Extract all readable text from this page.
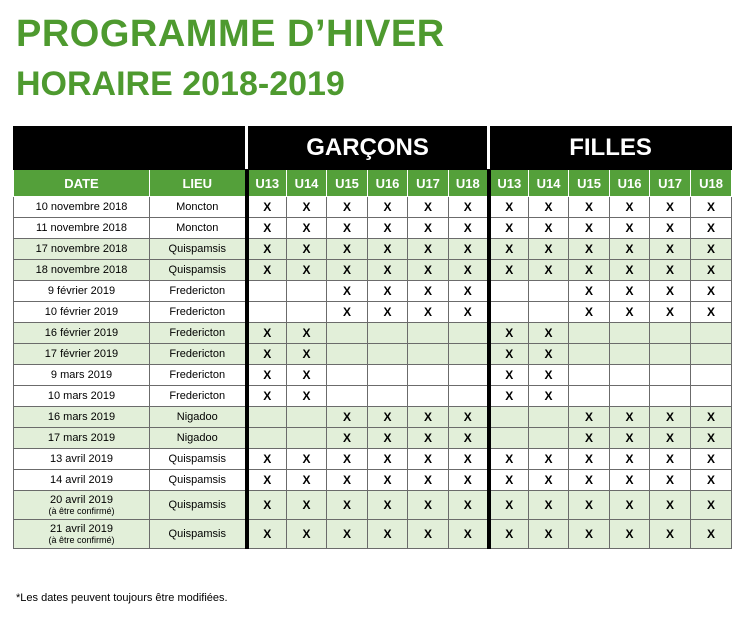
PROGRAMME D’HIVER
HORAIRE 2018-2019
		GARÇONS						FILLES					
DATE	LIEU	U13	U14	U15	U16	U17	U18	U13	U14	U15	U16	U17	U18
10 novembre 2018	Moncton	X	X	X	X	X	X	X	X	X	X	X	X
11 novembre 2018	Moncton	X	X	X	X	X	X	X	X	X	X	X	X
17 novembre 2018	Quispamsis	X	X	X	X	X	X	X	X	X	X	X	X
18 novembre 2018	Quispamsis	X	X	X	X	X	X	X	X	X	X	X	X
9 février 2019	Fredericton			X	X	X	X			X	X	X	X
10 février 2019	Fredericton			X	X	X	X			X	X	X	X
16 février 2019	Fredericton	X	X					X	X				
17 février 2019	Fredericton	X	X					X	X				
9 mars 2019	Fredericton	X	X					X	X				
10 mars 2019	Fredericton	X	X					X	X				
16 mars 2019	Nigadoo			X	X	X	X			X	X	X	X
17 mars 2019	Nigadoo			X	X	X	X			X	X	X	X
13 avril 2019	Quispamsis	X	X	X	X	X	X	X	X	X	X	X	X
14 avril 2019	Quispamsis	X	X	X	X	X	X	X	X	X	X	X	X

20 avril 2019
(à être confirmé)	Quispamsis	X	X	X	X	X	X	X	X	X	X	X	X

21 avril 2019
(à être confirmé)	Quispamsis	X	X	X	X	X	X	X	X	X	X	X	X
*Les dates peuvent toujours être modifiées.
